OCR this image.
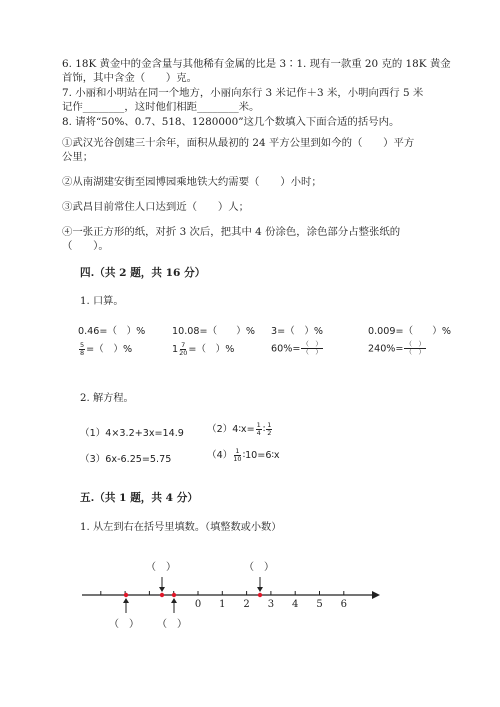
6. 18K 黄金中的金含量与其他稀有金属的比是 3∶1. 现有一款重 20 克的 18K 黄金
首饰，其中含金（　　）克。
7. 小丽和小明站在同一个地方，小丽向东行 3 米记作＋3 米，小明向西行 5 米
记作________，这时他们相距________米。
8. 请将“50%、0.7、518、1280000”这几个数填入下面合适的括号内。
①武汉光谷创建三十余年，面积从最初的 24 平方公里到如今的（　　）平方
公里；
②从南湖建安街至园博园乘地铁大约需要（　　）小时；
③武昌目前常住人口达到近（　　）人；
④一张正方形的纸，对折 3 次后，把其中 4 份涂色，涂色部分占整张纸的
（　　）。
四.（共 2 题，共 16 分）
1. 口算。
0.46=（　）%	10.08=（　　）% 3=（　）%	0.009=（　　）%
$\frac{5}{8}$ =（　）%	$1 \frac{7}{20}$ =（　）%	$60\%= \frac{( )}{( )}$	$240\%= \frac{( )}{( )}$
2. 解方程。
（1）4×3.2+3x=14.9 （2）4∶x= $\frac{1}{4}$ ∶ $\frac{1}{2}$
（3）6x-6.25=5.75	$(4) \frac{1}{10}$ ∶10=6∶x
五.（共 1 题，共 4 分）
1. 从左到右在括号里填数。（填整数或小数）
0 1 2 3 4 5 6
（　）	（　）
（　） （　）
